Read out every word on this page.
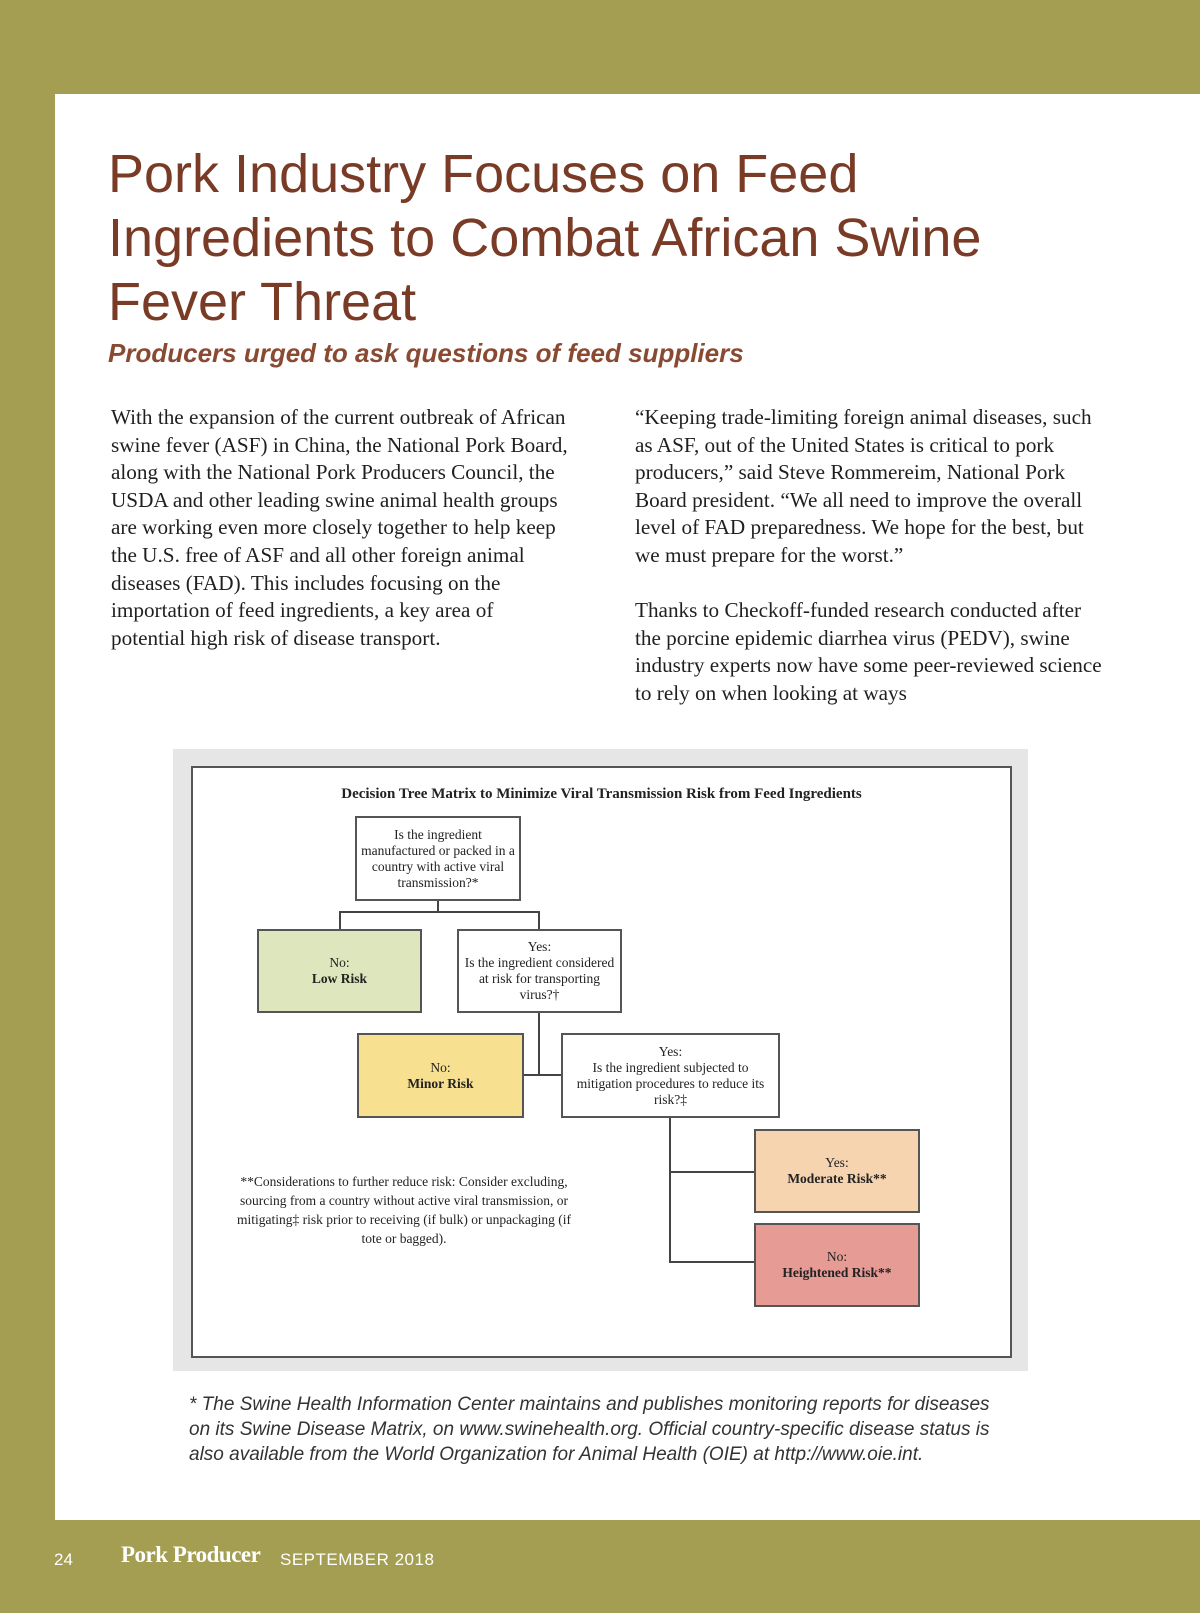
Pork Industry Focuses on Feed Ingredients to Combat African Swine Fever Threat
Producers urged to ask questions of feed suppliers

With the expansion of the current outbreak of African swine fever (ASF) in China, the National Pork Board, along with the National Pork Producers Council, the USDA and other leading swine animal health groups are working even more closely together to help keep the U.S. free of ASF and all other foreign animal diseases (FAD). This includes focusing on the importation of feed ingredients, a key area of potential high risk of disease transport.

“Keeping trade-limiting foreign animal diseases, such as ASF, out of the United States is critical to pork producers,” said Steve Rommereim, National Pork Board president. “We all need to improve the overall level of FAD preparedness. We hope for the best, but we must prepare for the worst.”

Thanks to Checkoff-funded research conducted after the porcine epidemic diarrhea virus (PEDV), swine industry experts now have some peer-reviewed science to rely on when looking at ways

Decision Tree Matrix to Minimize Viral Transmission Risk from Feed Ingredients
Is the ingredient manufactured or packed in a country with active viral transmission?*
No:
Low Risk
Yes:
Is the ingredient considered at risk for transporting virus?†
No:
Minor Risk
Yes:
Is the ingredient subjected to mitigation procedures to reduce its risk?‡
Yes:
Moderate Risk**
No:
Heightened Risk**
**Considerations to further reduce risk: Consider excluding, sourcing from a country without active viral transmission, or mitigating‡ risk prior to receiving (if bulk) or unpackaging (if tote or bagged).

* The Swine Health Information Center maintains and publishes monitoring reports for diseases on its Swine Disease Matrix, on www.swinehealth.org. Official country-specific disease status is also available from the World Organization for Animal Health (OIE) at http://www.oie.int.

24 Pork Producer SEPTEMBER 2018
